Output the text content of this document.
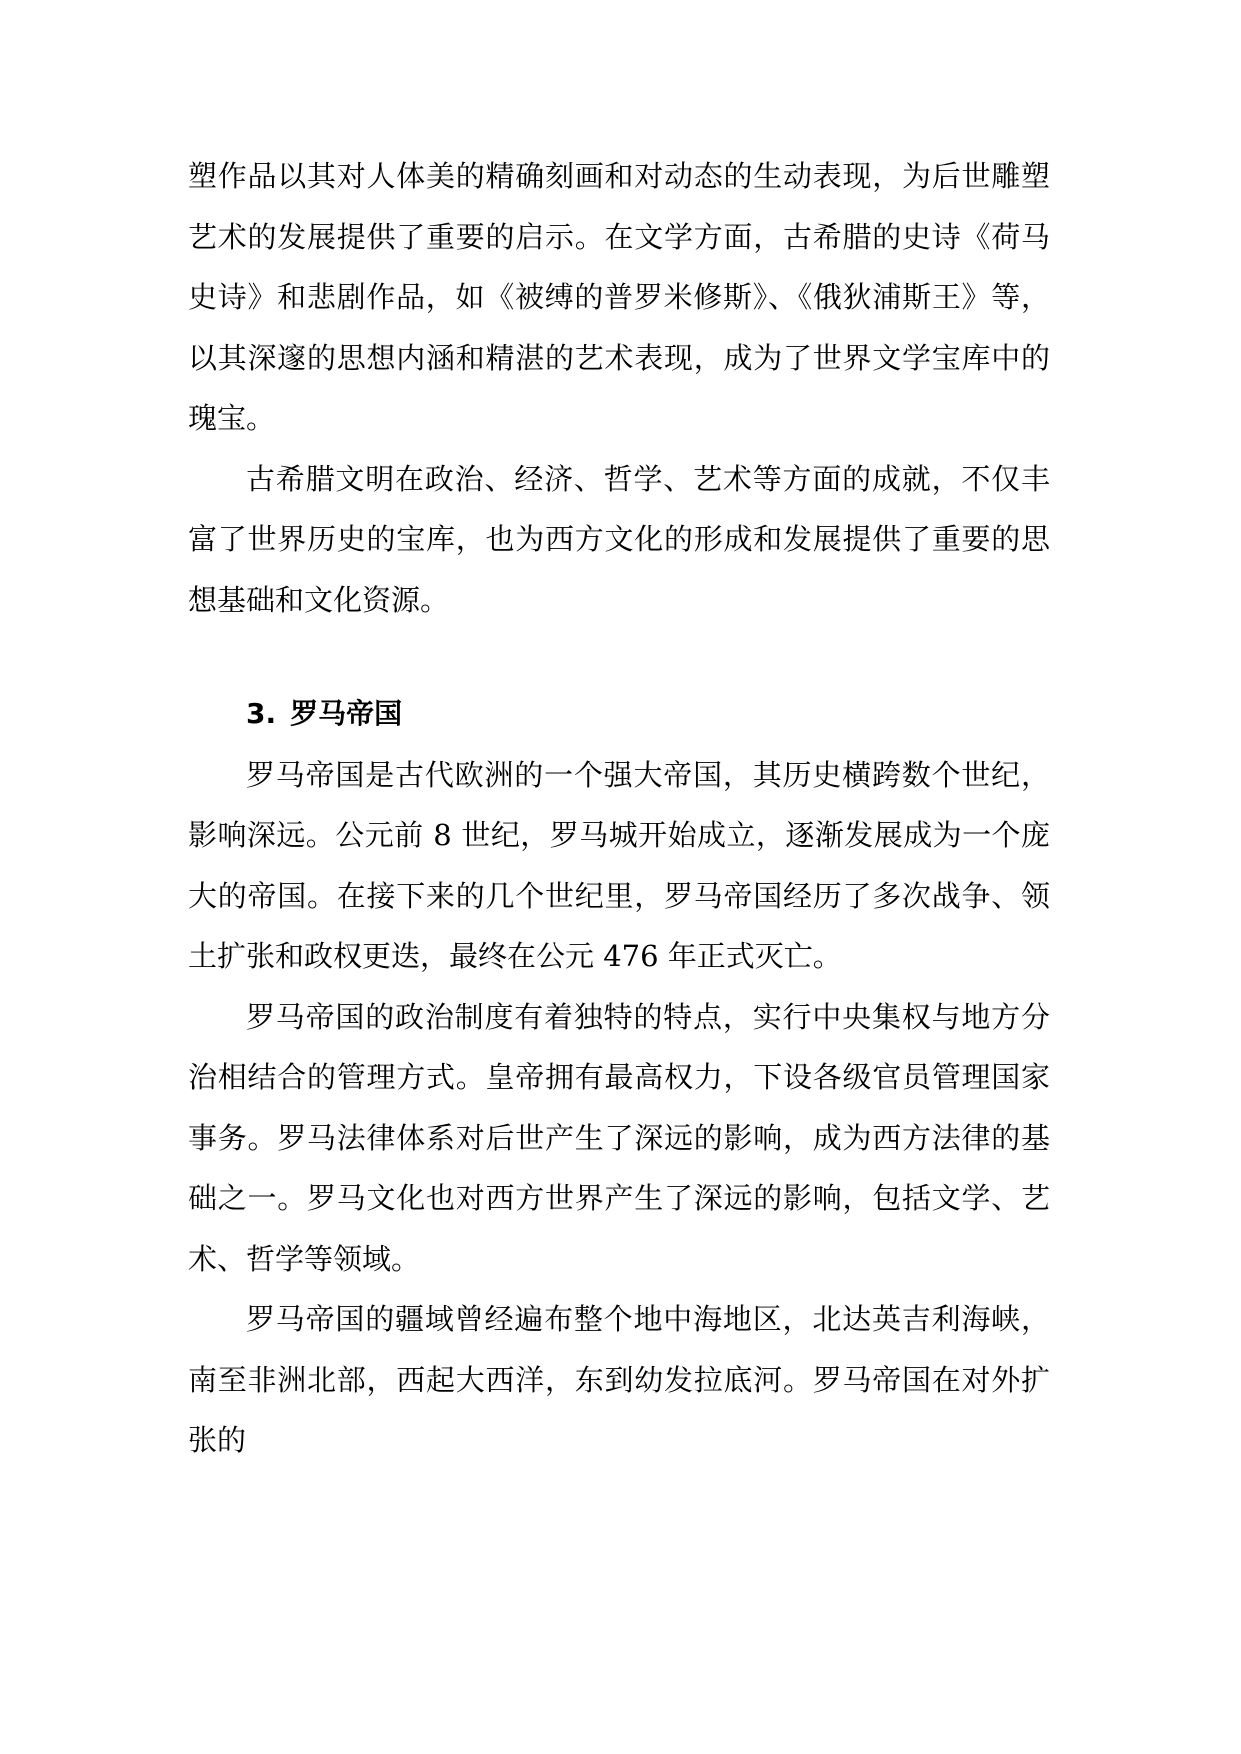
塑作品以其对人体美的精确刻画和对动态的生动表现，为后世雕塑艺术的发展提供了重要的启示。在文学方面，古希腊的史诗《荷马史诗》和悲剧作品，如《被缚的普罗米修斯》、《俄狄浦斯王》等，以其深邃的思想内涵和精湛的艺术表现，成为了世界文学宝库中的瑰宝。

古希腊文明在政治、经济、哲学、艺术等方面的成就，不仅丰富了世界历史的宝库，也为西方文化的形成和发展提供了重要的思想基础和文化资源。

3. 罗马帝国

罗马帝国是古代欧洲的一个强大帝国，其历史横跨数个世纪，影响深远。公元前 8 世纪，罗马城开始成立，逐渐发展成为一个庞大的帝国。在接下来的几个世纪里，罗马帝国经历了多次战争、领土扩张和政权更迭，最终在公元 476 年正式灭亡。

罗马帝国的政治制度有着独特的特点，实行中央集权与地方分治相结合的管理方式。皇帝拥有最高权力，下设各级官员管理国家事务。罗马法律体系对后世产生了深远的影响，成为西方法律的基础之一。罗马文化也对西方世界产生了深远的影响，包括文学、艺术、哲学等领域。

罗马帝国的疆域曾经遍布整个地中海地区，北达英吉利海峡，南至非洲北部，西起大西洋，东到幼发拉底河。罗马帝国在对外扩张的
